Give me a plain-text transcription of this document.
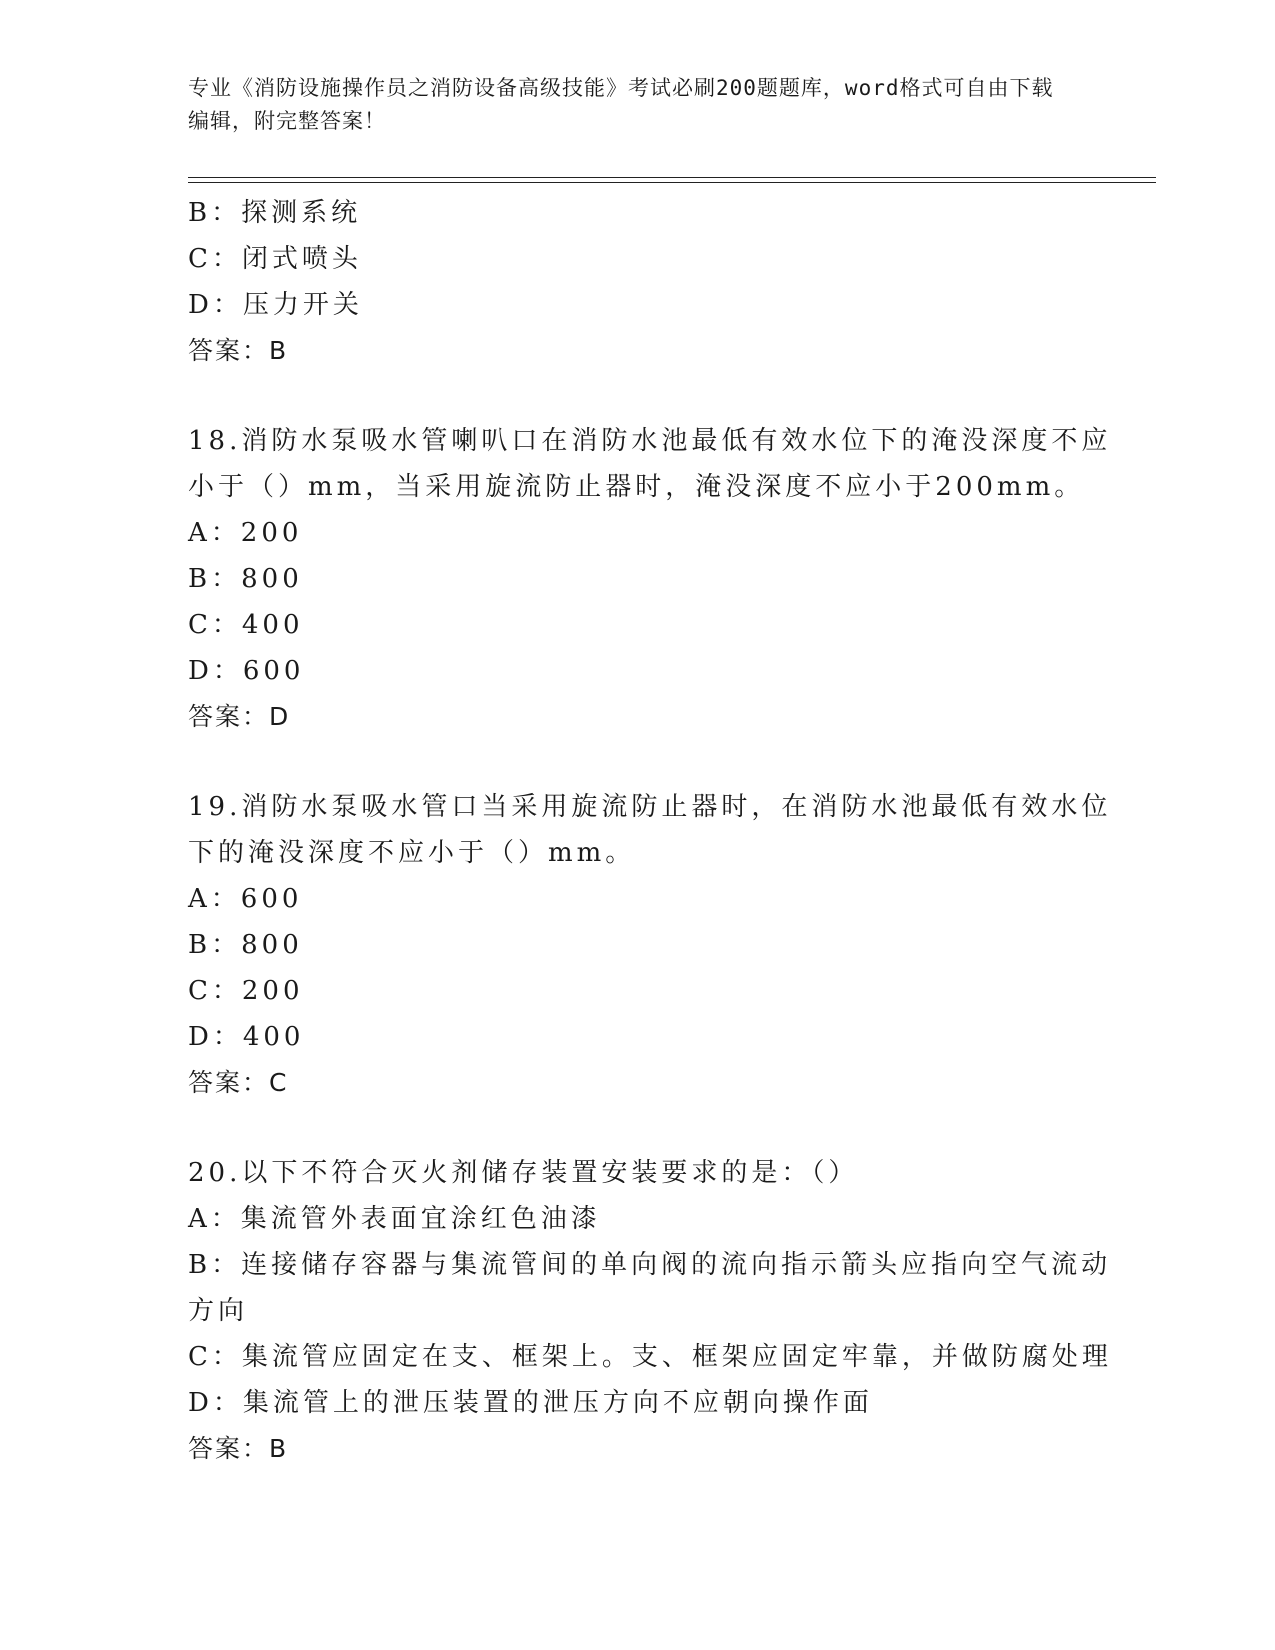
专业《消防设施操作员之消防设备高级技能》考试必刷200题题库，word格式可自由下载编辑，附完整答案！
B：探测系统
C：闭式喷头
D：压力开关
答案：B
18.消防水泵吸水管喇叭口在消防水池最低有效水位下的淹没深度不应
小于（）mm，当采用旋流防止器时，淹没深度不应小于200mm。
A：200
B：800
C：400
D：600
答案：D
19.消防水泵吸水管口当采用旋流防止器时，在消防水池最低有效水位
下的淹没深度不应小于（）mm。
A：600
B：800
C：200
D：400
答案：C
20.以下不符合灭火剂储存装置安装要求的是：（）
A：集流管外表面宜涂红色油漆
B：连接储存容器与集流管间的单向阀的流向指示箭头应指向空气流动
方向
C：集流管应固定在支、框架上。支、框架应固定牢靠，并做防腐处理
D：集流管上的泄压装置的泄压方向不应朝向操作面
答案：B
